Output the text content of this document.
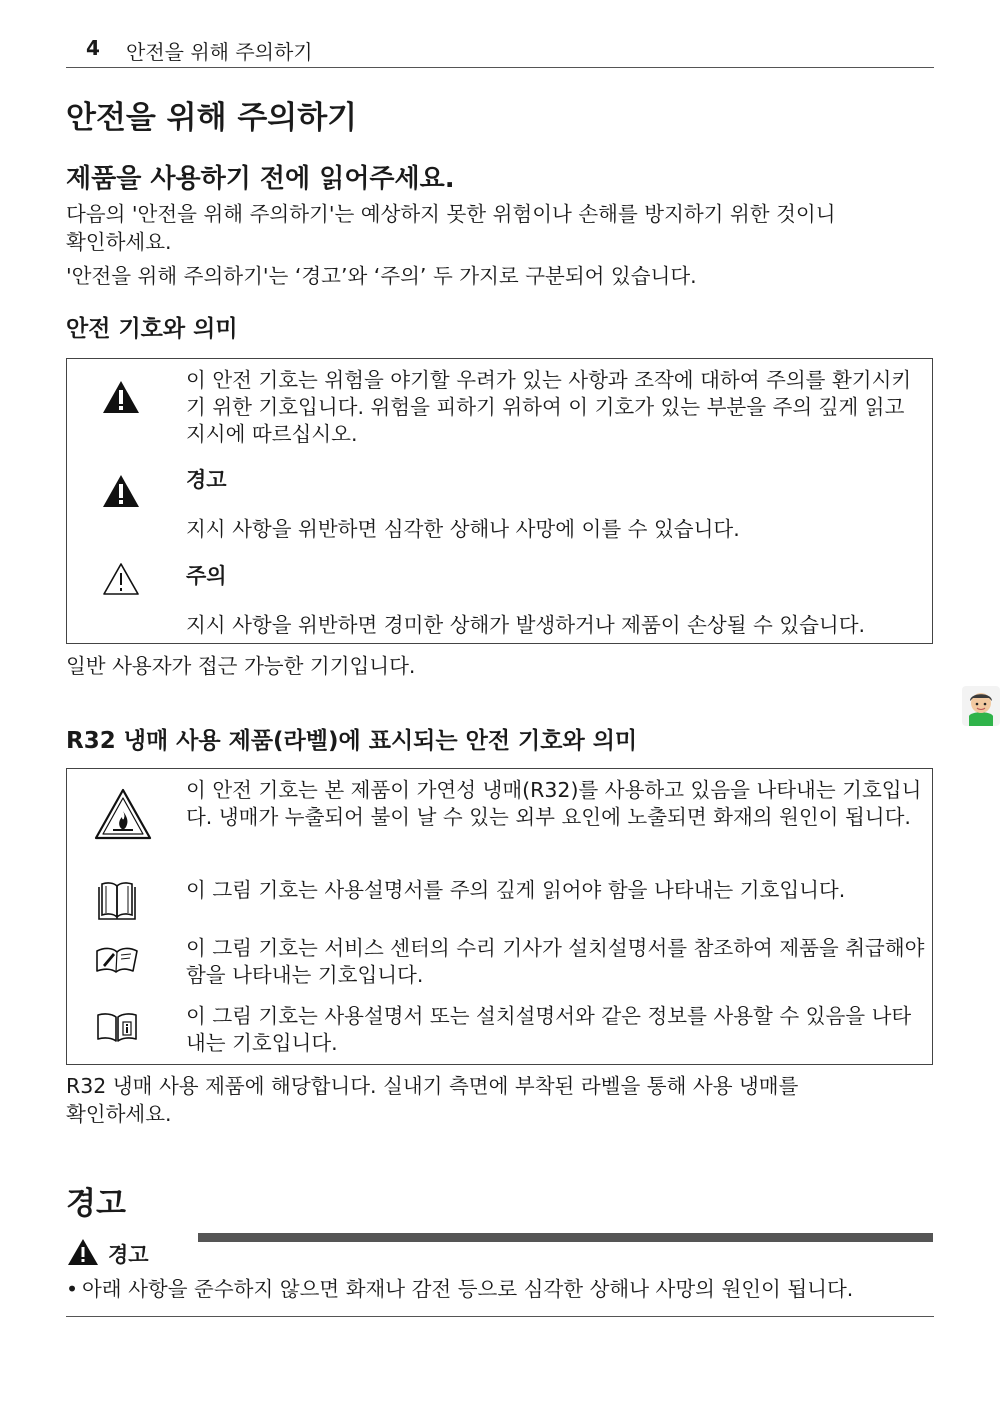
4 안전을 위해 주의하기
안전을 위해 주의하기
제품을 사용하기 전에 읽어주세요.
다음의 '안전을 위해 주의하기'는 예상하지 못한 위험이나 손해를 방지하기 위한 것이니
확인하세요.
'안전을 위해 주의하기'는 ‘경고’와 ‘주의’ 두 가지로 구분되어 있습니다.
안전 기호와 의미
이 안전 기호는 위험을 야기할 우려가 있는 사항과 조작에 대하여 주의를 환기시키기 위한 기호입니다. 위험을 피하기 위하여 이 기호가 있는 부분을 주의 깊게 읽고 지시에 따르십시오.
경고
지시 사항을 위반하면 심각한 상해나 사망에 이를 수 있습니다.
주의
지시 사항을 위반하면 경미한 상해가 발생하거나 제품이 손상될 수 있습니다.
일반 사용자가 접근 가능한 기기입니다.
R32 냉매 사용 제품(라벨)에 표시되는 안전 기호와 의미
이 안전 기호는 본 제품이 가연성 냉매(R32)를 사용하고 있음을 나타내는 기호입니다. 냉매가 누출되어 불이 날 수 있는 외부 요인에 노출되면 화재의 원인이 됩니다.
이 그림 기호는 사용설명서를 주의 깊게 읽어야 함을 나타내는 기호입니다.
이 그림 기호는 서비스 센터의 수리 기사가 설치설명서를 참조하여 제품을 취급해야 함을 나타내는 기호입니다.
이 그림 기호는 사용설명서 또는 설치설명서와 같은 정보를 사용할 수 있음을 나타내는 기호입니다.
R32 냉매 사용 제품에 해당합니다. 실내기 측면에 부착된 라벨을 통해 사용 냉매를
확인하세요.
경고
경고
• 아래 사항을 준수하지 않으면 화재나 감전 등으로 심각한 상해나 사망의 원인이 됩니다.
